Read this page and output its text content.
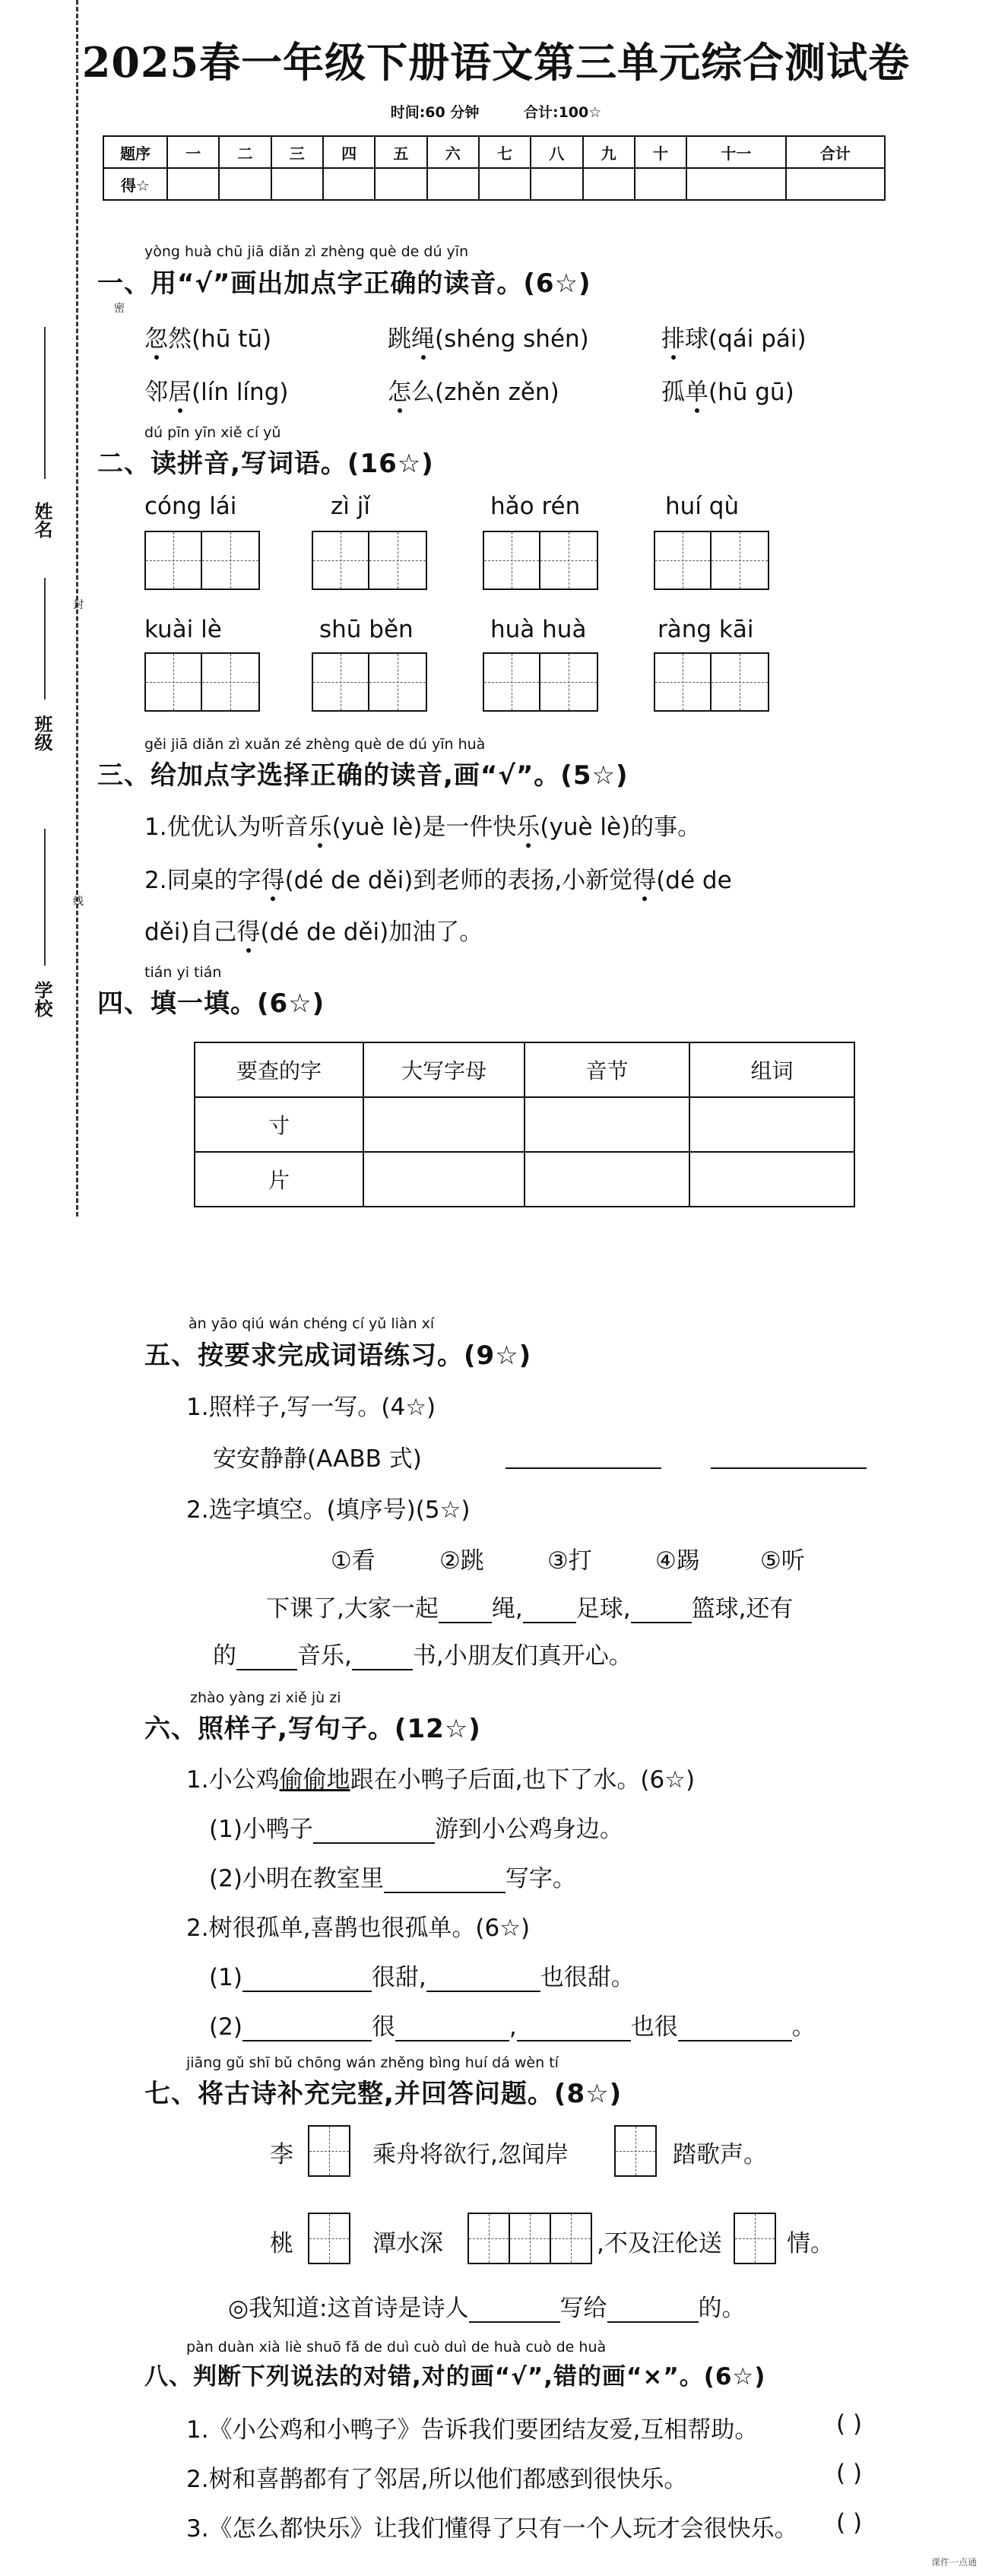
2025春一年级下册语文第三单元综合测试卷
时间:60 分钟	合计:100☆
题序	一	二	三	四	五	六	七	八	九	十	十一	合计
得☆												
密
封
线
姓名
班级
学校
yòng huà chū jiā diǎn zì zhèng què de dú yīn
一、用“√”画出加点字正确的读音。(6☆)
忽然(hū tū)	跳绳(shéng shén)	排球(qái pái)
邻居(lín líng)	怎么(zhěn zěn)	孤单(hū gū)
dú pīn yīn xiě cí yǔ
二、读拼音,写词语。(16☆)
cóng lái	zì jǐ	hǎo rén	huí qù
kuài lè	shū běn	huà huà	ràng kāi
gěi jiā diǎn zì xuǎn zé zhèng què de dú yīn huà
三、给加点字选择正确的读音,画“√”。(5☆)
1.优优认为听音乐(yuè lè)是一件快乐(yuè lè)的事。
2.同桌的字得(dé de děi)到老师的表扬,小新觉得(dé de
děi)自己得(dé de děi)加油了。
tián yi tián
四、填一填。(6☆)
要查的字	大写字母	音节	组词
寸			
片			
àn yāo qiú wán chéng cí yǔ liàn xí
五、按要求完成词语练习。(9☆)
1.照样子,写一写。(4☆)
安安静静(AABB 式)
2.选字填空。(填序号)(5☆)
①看	②跳	③打	④踢	⑤听
下课了,大家一起 绳, 足球,	篮球,还有
的	音乐,	书,小朋友们真开心。
zhào yàng zi xiě jù zi
六、照样子,写句子。(12☆)
1.小公鸡偷偷地跟在小鸭子后面,也下了水。(6☆)
(1)小鸭子	游到小公鸡身边。
(2)小明在教室里	写字。
2.树很孤单,喜鹊也很孤单。(6☆)
(1)	很甜,	也很甜。
(2)	很	,	也很	。
jiāng gǔ shī bǔ chōng wán zhěng bìng huí dá wèn tí
七、将古诗补充完整,并回答问题。(8☆)
李	乘舟将欲行,忽闻岸	踏歌声。
桃	潭水深	,不及汪伦送	情。
◎我知道:这首诗是诗人	写给	的。
pàn duàn xià liè shuō fǎ de duì cuò duì de huà cuò de huà
八、判断下列说法的对错,对的画“√”,错的画“×”。(6☆)
1.《小公鸡和小鸭子》告诉我们要团结友爱,互相帮助。	( )
2.树和喜鹊都有了邻居,所以他们都感到很快乐。	( )
3.《怎么都快乐》让我们懂得了只有一个人玩才会很快乐。 ( )
课件一点通
